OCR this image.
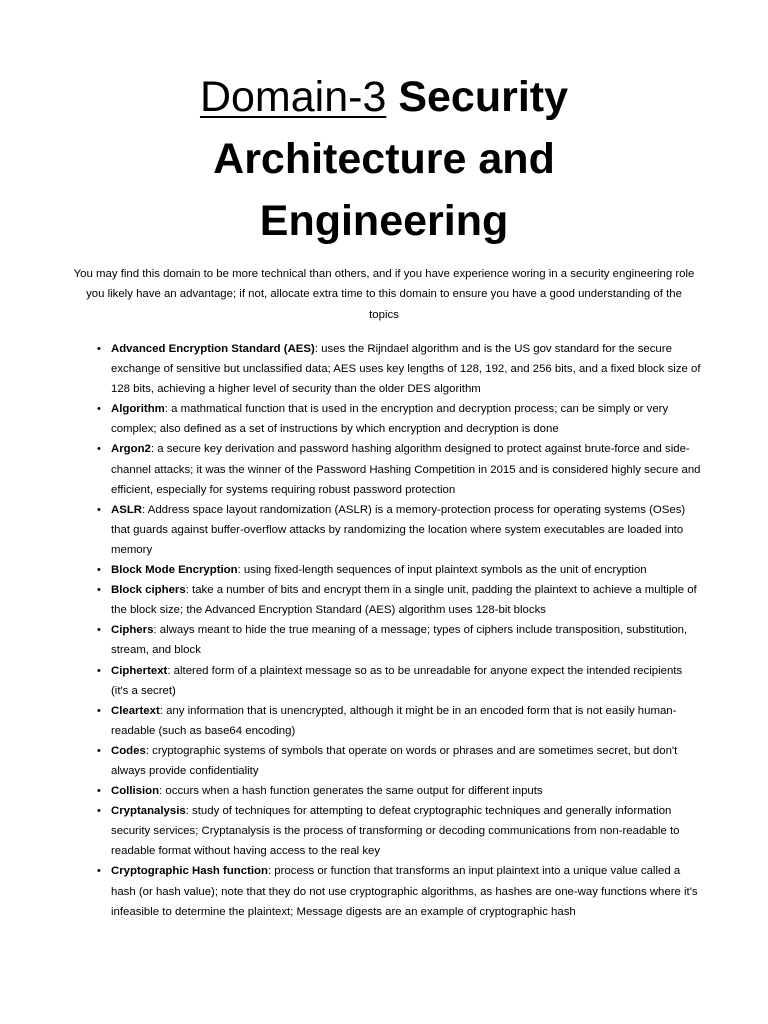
Domain-3 Security Architecture and Engineering

You may find this domain to be more technical than others, and if you have experience woring in a security engineering role you likely have an advantage; if not, allocate extra time to this domain to ensure you have a good understanding of the topics

• Advanced Encryption Standard (AES): uses the Rijndael algorithm and is the US gov standard for the secure exchange of sensitive but unclassified data; AES uses key lengths of 128, 192, and 256 bits, and a fixed block size of 128 bits, achieving a higher level of security than the older DES algorithm
• Algorithm: a mathmatical function that is used in the encryption and decryption process; can be simply or very complex; also defined as a set of instructions by which encryption and decryption is done
• Argon2: a secure key derivation and password hashing algorithm designed to protect against brute-force and side-channel attacks; it was the winner of the Password Hashing Competition in 2015 and is considered highly secure and efficient, especially for systems requiring robust password protection
• ASLR: Address space layout randomization (ASLR) is a memory-protection process for operating systems (OSes) that guards against buffer-overflow attacks by randomizing the location where system executables are loaded into memory
• Block Mode Encryption: using fixed-length sequences of input plaintext symbols as the unit of encryption
• Block ciphers: take a number of bits and encrypt them in a single unit, padding the plaintext to achieve a multiple of the block size; the Advanced Encryption Standard (AES) algorithm uses 128-bit blocks
• Ciphers: always meant to hide the true meaning of a message; types of ciphers include transposition, substitution, stream, and block
• Ciphertext: altered form of a plaintext message so as to be unreadable for anyone expect the intended recipients (it's a secret)
• Cleartext: any information that is unencrypted, although it might be in an encoded form that is not easily human-readable (such as base64 encoding)
• Codes: cryptographic systems of symbols that operate on words or phrases and are sometimes secret, but don't always provide confidentiality
• Collision: occurs when a hash function generates the same output for different inputs
• Cryptanalysis: study of techniques for attempting to defeat cryptographic techniques and generally information security services; Cryptanalysis is the process of transforming or decoding communications from non-readable to readable format without having access to the real key
• Cryptographic Hash function: process or function that transforms an input plaintext into a unique value called a hash (or hash value); note that they do not use cryptographic algorithms, as hashes are one-way functions where it's infeasible to determine the plaintext; Message digests are an example of cryptographic hash
